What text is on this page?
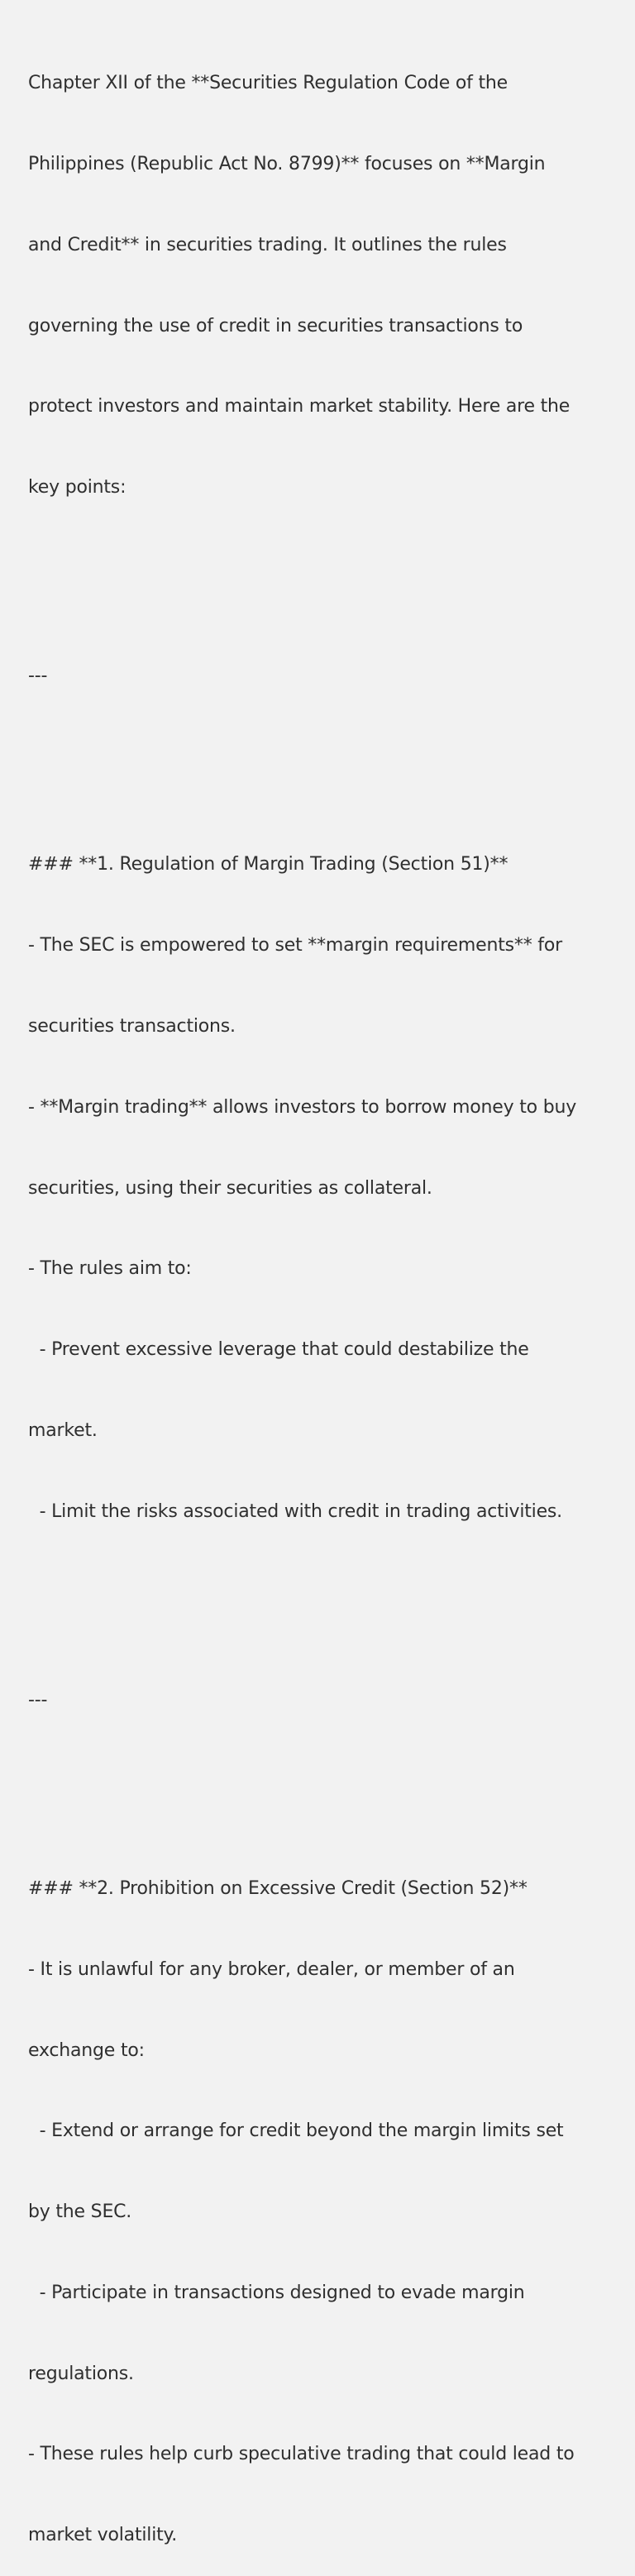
Chapter XII of the **Securities Regulation Code of the

Philippines (Republic Act No. 8799)** focuses on **Margin

and Credit** in securities trading. It outlines the rules

governing the use of credit in securities transactions to

protect investors and maintain market stability. Here are the

key points:

---

### **1. Regulation of Margin Trading (Section 51)**

- The SEC is empowered to set **margin requirements** for

securities transactions.

- **Margin trading** allows investors to borrow money to buy

securities, using their securities as collateral.

- The rules aim to:

- Prevent excessive leverage that could destabilize the

market.

- Limit the risks associated with credit in trading activities.

---

### **2. Prohibition on Excessive Credit (Section 52)**

- It is unlawful for any broker, dealer, or member of an

exchange to:

- Extend or arrange for credit beyond the margin limits set

by the SEC.

- Participate in transactions designed to evade margin

regulations.

- These rules help curb speculative trading that could lead to

market volatility.
